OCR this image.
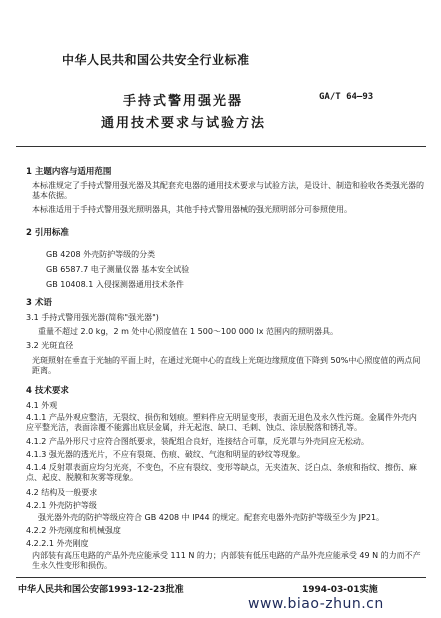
中华人民共和国公共安全行业标准
手持式警用强光器	GA/T 64—93
通用技术要求与试验方法
1 主题内容与适用范围
本标准规定了手持式警用强光器及其配套充电器的通用技术要求与试验方法，是设计、制造和验收各类强光器的基本依据。
本标准适用于手持式警用强光照明器具，其他手持式警用器械的强光照明部分可参照使用。
2 引用标准
GB 4208 外壳防护等级的分类
GB 6587.7 电子测量仪器 基本安全试验
GB 10408.1 入侵探测器通用技术条件
3 术语
3.1 手持式警用强光器(简称"强光器")
重量不超过 2.0 kg，2 m 处中心照度值在 1 500～100 000 lx 范围内的照明器具。
3.2 光斑直径
光斑照射在垂直于光轴的平面上时，在通过光斑中心的直线上光斑边缘照度值下降到 50%中心照度值的两点间距离。
4 技术要求
4.1 外观
4.1.1 产品外观应整洁，无裂纹、损伤和划痕。塑料件应无明显变形，表面无退色及永久性污斑。金属件外壳内应平整光洁，表面涂覆不能露出底层金属，并无起泡、缺口、毛刺、蚀点、涂层脱落和锈孔等。
4.1.2 产品外形尺寸应符合图纸要求，装配组合良好，连接结合可靠，反光罩与外壳同应无松动。
4.1.3 强光器的透光片，不应有裂斑、伤痕、破纹、气泡和明显的砂纹等现象。
4.1.4 反射罩表面应均匀光亮，不变色，不应有裂纹、变形等缺点，无夹渣灰、泛白点、条痕和指纹、擦伤、麻点、起皮、脱膜和灰雾等现象。
4.2 结构及一般要求
4.2.1 外壳防护等级
强光器外壳的防护等级应符合 GB 4208 中 IP44 的规定。配套充电器外壳防护等级至少为 JP21。
4.2.2 外壳刚度和机械强度
4.2.2.1 外壳刚度
内部装有高压电路的产品外壳应能承受 111 N 的力；内部装有低压电路的产品外壳应能承受 49 N 的力而不产生永久性变形和损伤。
中华人民共和国公安部1993-12-23批准	1994-03-01实施
www.biao-zhun.cn
